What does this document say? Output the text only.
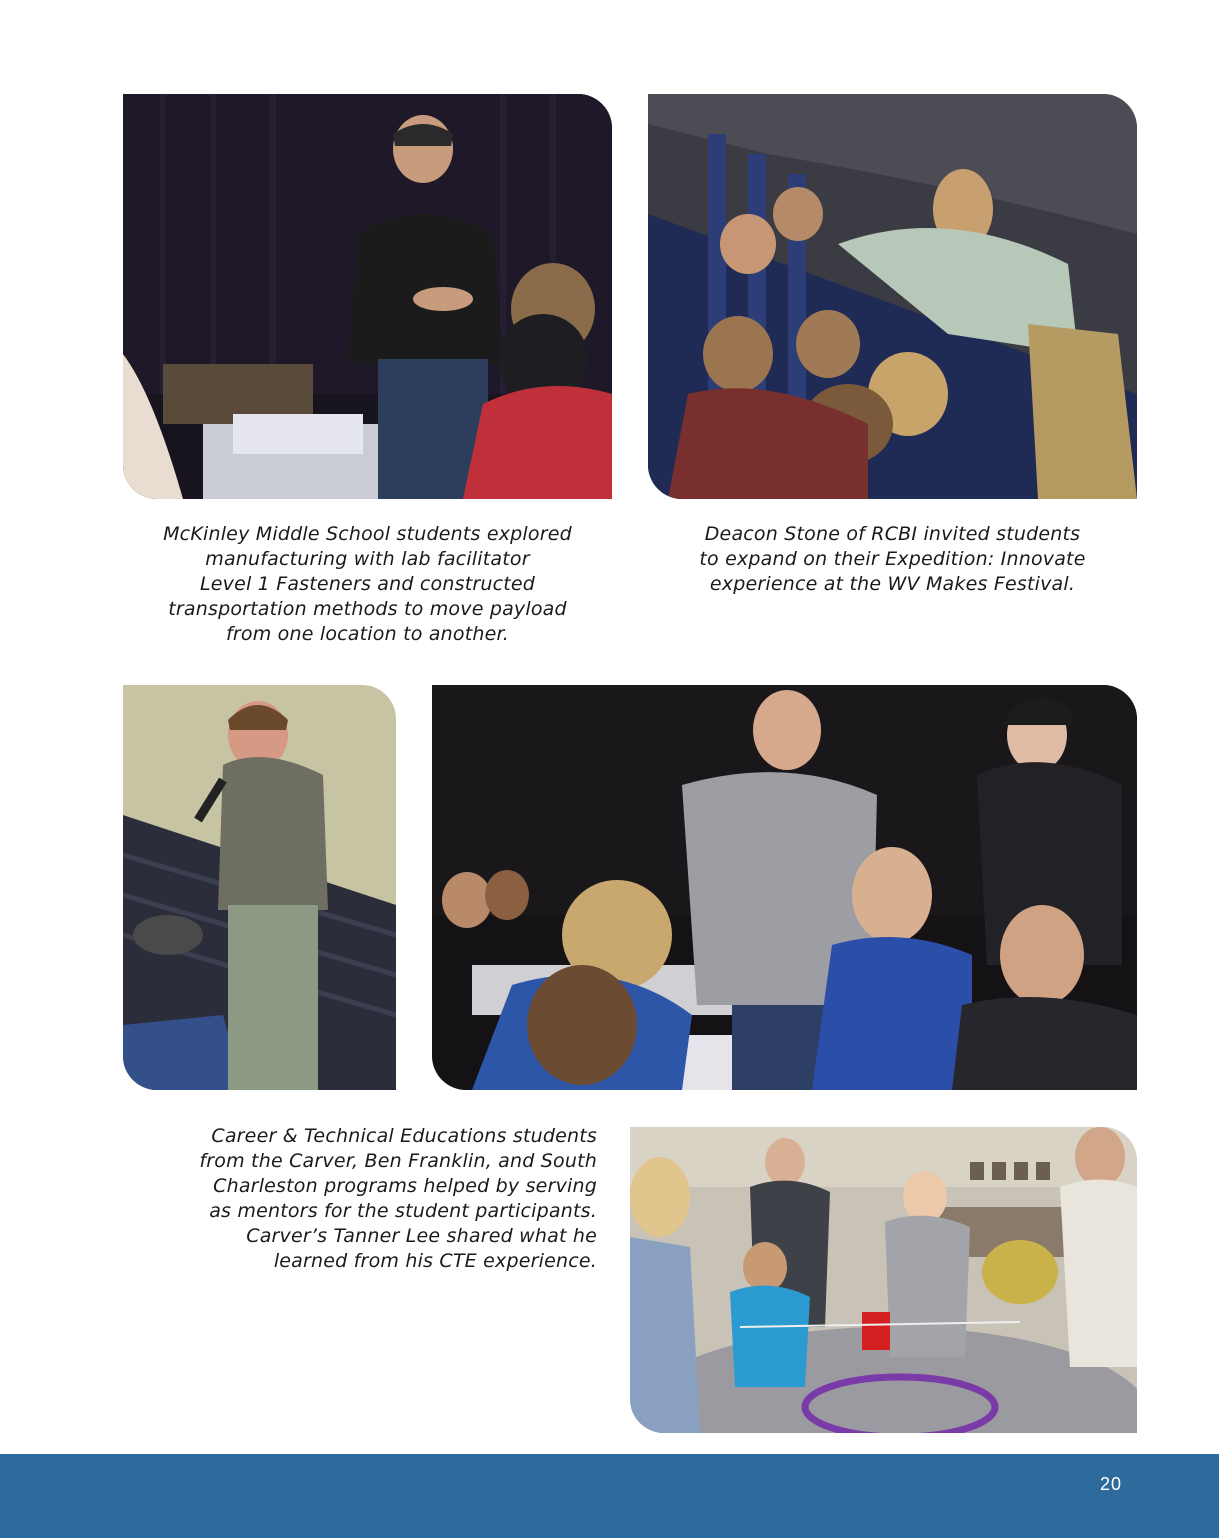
McKinley Middle School students explored
manufacturing with lab facilitator
Level 1 Fasteners and constructed
transportation methods to move payload
from one location to another.
Deacon Stone of RCBI invited students
to expand on their Expedition: Innovate
experience at the WV Makes Festival.
Career & Technical Educations students
from the Carver, Ben Franklin, and South
Charleston programs helped by serving
as mentors for the student participants.
Carver’s Tanner Lee shared what he
learned from his CTE experience.
20
